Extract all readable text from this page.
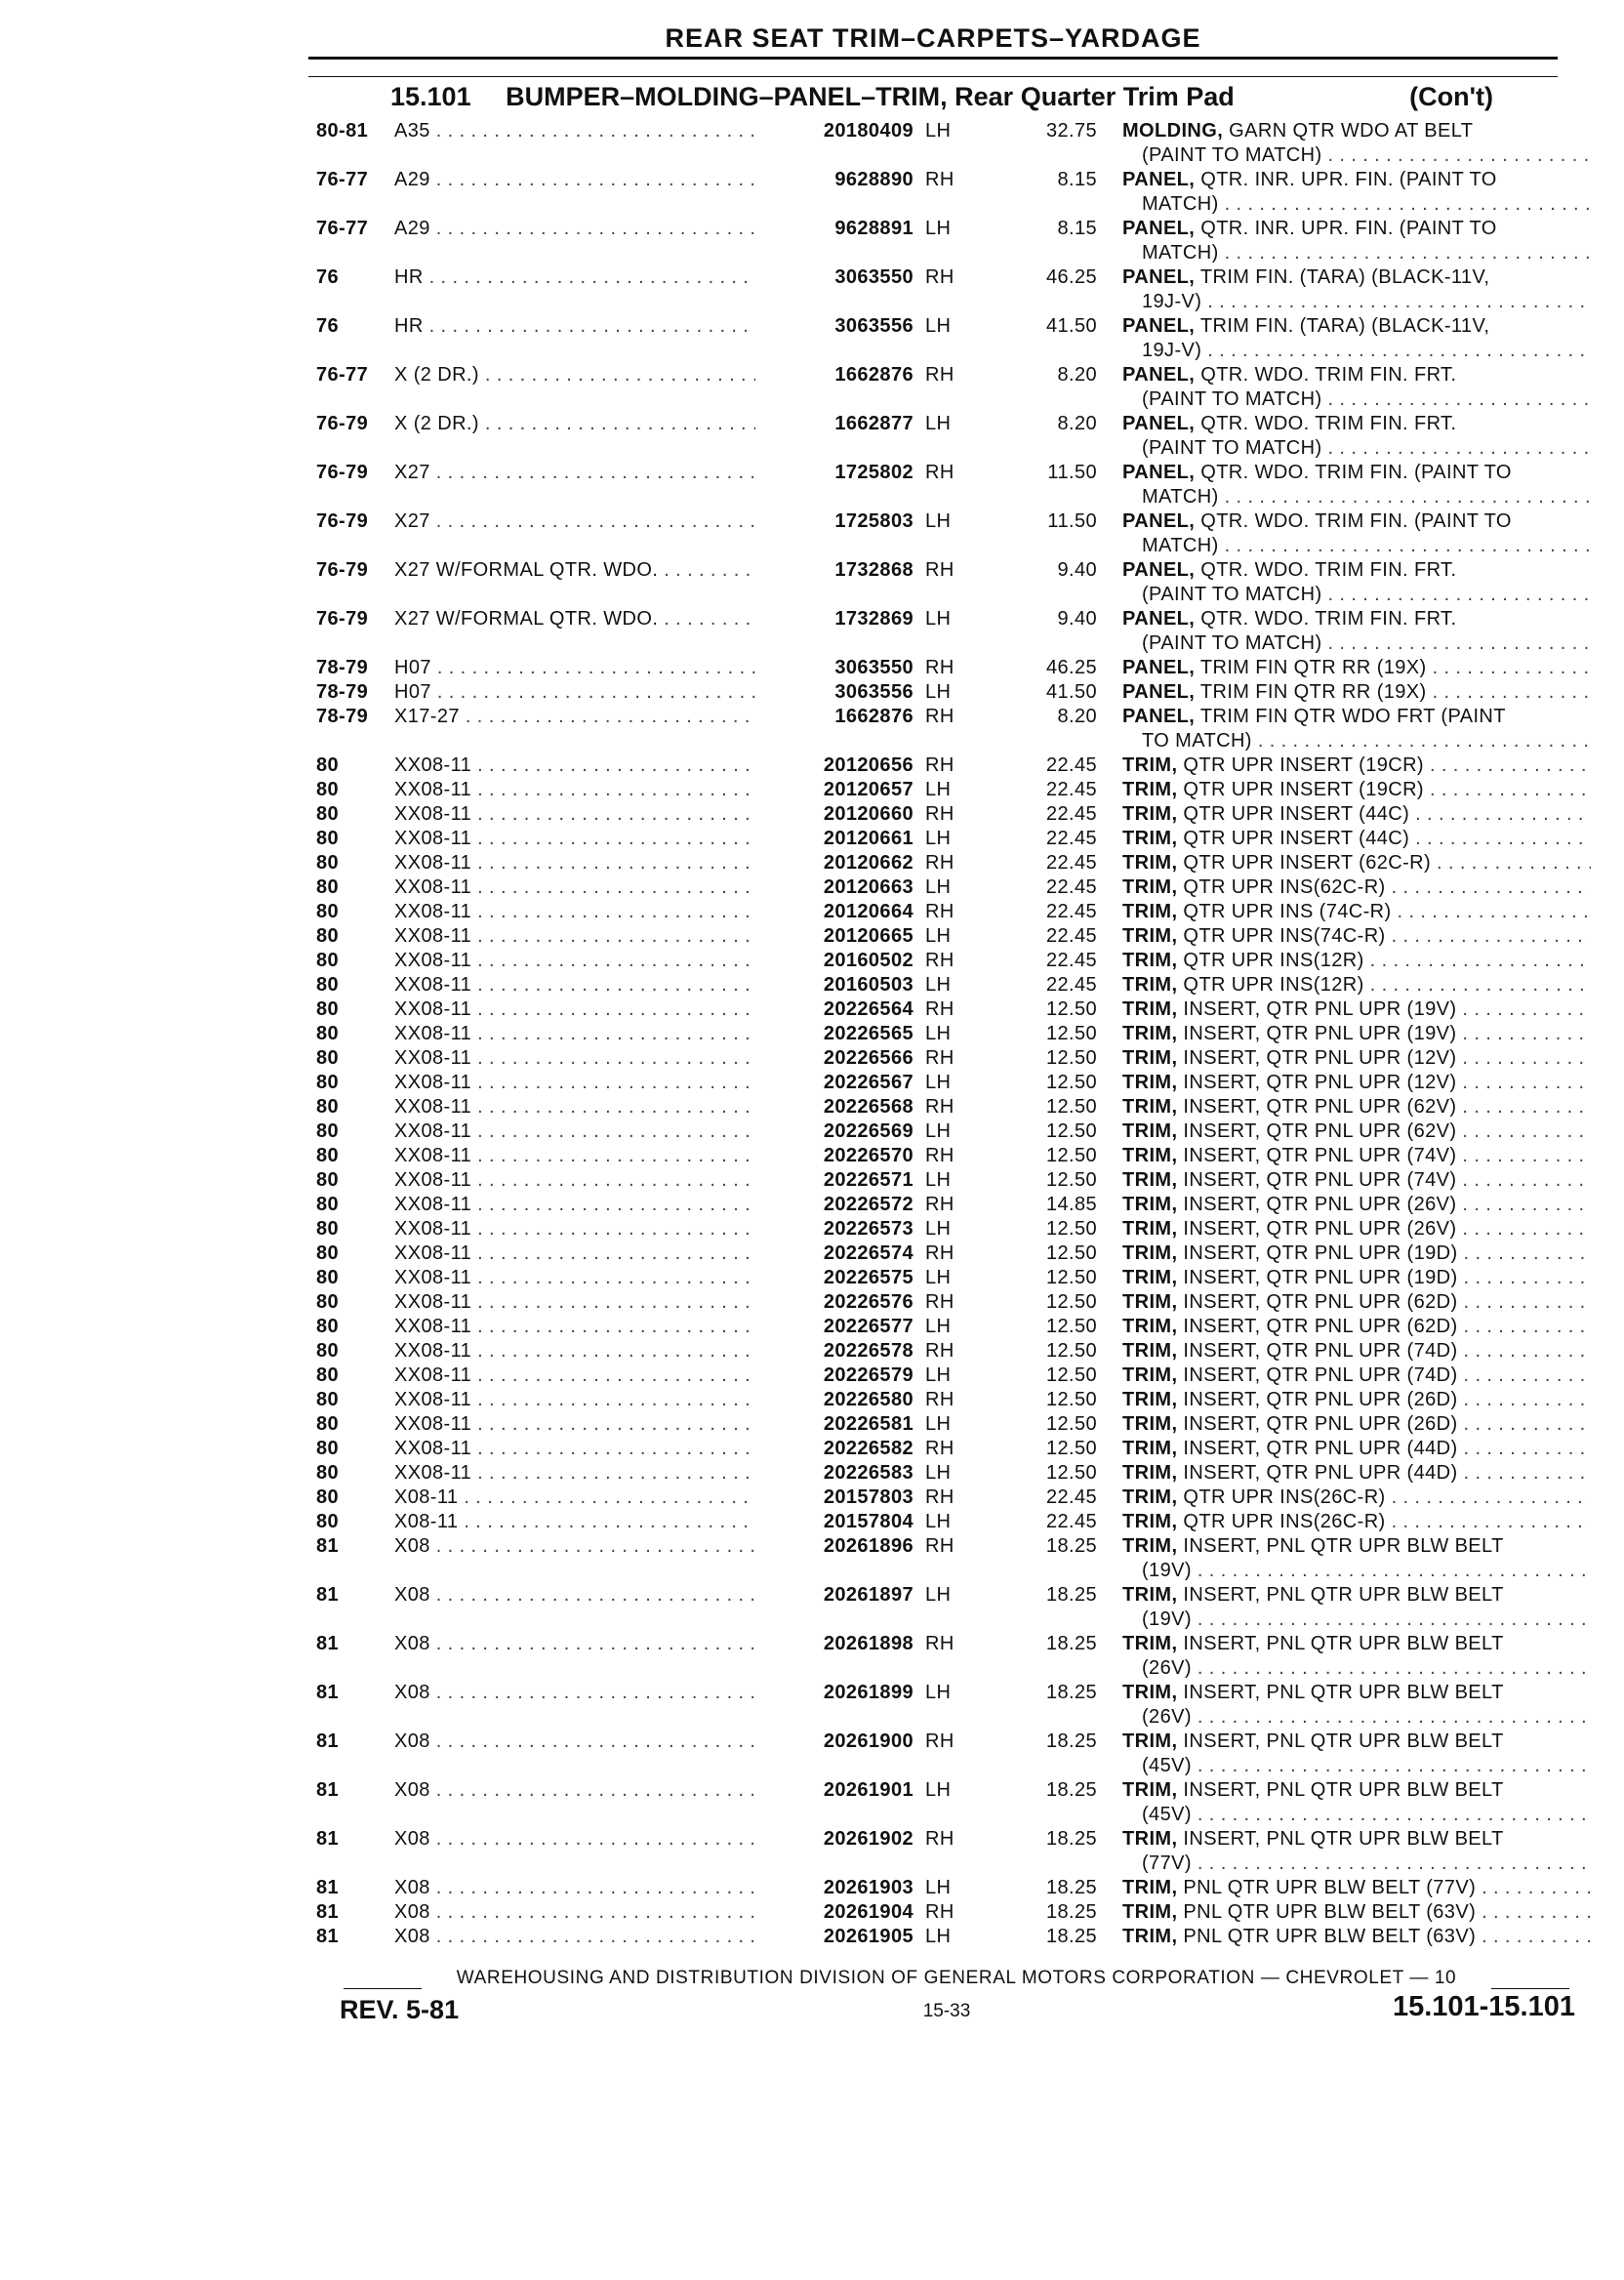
REAR SEAT TRIM–CARPETS–YARDAGE
15.101 BUMPER–MOLDING–PANEL–TRIM, Rear Quarter Trim Pad	(Con't)
80-81	A35 . . .	20180409 LH	32.75 MOLDING, GARN QTR WDO AT BELT
(PAINT TO MATCH) . . .
76-77	A29 . . .	9628890 RH	8.15 PANEL, QTR. INR. UPR. FIN. (PAINT TO
MATCH) . . .
76-77	A29 . . .	9628891 LH	8.15 PANEL, QTR. INR. UPR. FIN. (PAINT TO
MATCH) . . .
76	HR . . .	3063550 RH	46.25 PANEL, TRIM FIN. (TARA) (BLACK-11V,
19J-V) . . .
76	HR . . .	3063556 LH	41.50 PANEL, TRIM FIN. (TARA) (BLACK-11V,
19J-V) . . .
76-77	X (2 DR.) . . .	1662876 RH	8.20 PANEL, QTR. WDO. TRIM FIN. FRT.
(PAINT TO MATCH) . . .
76-79	X (2 DR.) . . .	1662877 LH	8.20 PANEL, QTR. WDO. TRIM FIN. FRT.
(PAINT TO MATCH) . . .
76-79	X27 . . .	1725802 RH	11.50 PANEL, QTR. WDO. TRIM FIN. (PAINT TO
MATCH) . . .
76-79	X27 . . .	1725803 LH	11.50 PANEL, QTR. WDO. TRIM FIN. (PAINT TO
MATCH) . . .
76-79	X27 W/FORMAL QTR. WDO. . . .	1732868 RH	9.40 PANEL, QTR. WDO. TRIM FIN. FRT.
(PAINT TO MATCH) . . .
76-79	X27 W/FORMAL QTR. WDO. . . .	1732869 LH	9.40 PANEL, QTR. WDO. TRIM FIN. FRT.
(PAINT TO MATCH) . . .
78-79	H07 . . .	3063550 RH	46.25 PANEL, TRIM FIN QTR RR (19X) . . .
78-79	H07 . . .	3063556 LH	41.50 PANEL, TRIM FIN QTR RR (19X) . . .
78-79	X17-27 . . .	1662876 RH	8.20 PANEL, TRIM FIN QTR WDO FRT (PAINT
TO MATCH) . . .
80	XX08-11 . . .	20120656 RH	22.45 TRIM, QTR UPR INSERT (19CR) . . .
80	XX08-11 . . .	20120657 LH	22.45 TRIM, QTR UPR INSERT (19CR) . . .
80	XX08-11 . . .	20120660 RH	22.45 TRIM, QTR UPR INSERT (44C) . . .
80	XX08-11 . . .	20120661 LH	22.45 TRIM, QTR UPR INSERT (44C) . . .
80	XX08-11 . . .	20120662 RH	22.45 TRIM, QTR UPR INSERT (62C-R) . . .
80	XX08-11 . . .	20120663 LH	22.45 TRIM, QTR UPR INS(62C-R) . . .
80	XX08-11 . . .	20120664 RH	22.45 TRIM, QTR UPR INS (74C-R) . . .
80	XX08-11 . . .	20120665 LH	22.45 TRIM, QTR UPR INS(74C-R) . . .
80	XX08-11 . . .	20160502 RH	22.45 TRIM, QTR UPR INS(12R) . . .
80	XX08-11 . . .	20160503 LH	22.45 TRIM, QTR UPR INS(12R) . . .
80	XX08-11 . . .	20226564 RH	12.50 TRIM, INSERT, QTR PNL UPR (19V) . . .
80	XX08-11 . . .	20226565 LH	12.50 TRIM, INSERT, QTR PNL UPR (19V) . . .
80	XX08-11 . . .	20226566 RH	12.50 TRIM, INSERT, QTR PNL UPR (12V) . . .
80	XX08-11 . . .	20226567 LH	12.50 TRIM, INSERT, QTR PNL UPR (12V) . . .
80	XX08-11 . . .	20226568 RH	12.50 TRIM, INSERT, QTR PNL UPR (62V) . . .
80	XX08-11 . . .	20226569 LH	12.50 TRIM, INSERT, QTR PNL UPR (62V) . . .
80	XX08-11 . . .	20226570 RH	12.50 TRIM, INSERT, QTR PNL UPR (74V) . . .
80	XX08-11 . . .	20226571 LH	12.50 TRIM, INSERT, QTR PNL UPR (74V) . . .
80	XX08-11 . . .	20226572 RH	14.85 TRIM, INSERT, QTR PNL UPR (26V) . . .
80	XX08-11 . . .	20226573 LH	12.50 TRIM, INSERT, QTR PNL UPR (26V) . . .
80	XX08-11 . . .	20226574 RH	12.50 TRIM, INSERT, QTR PNL UPR (19D) . . .
80	XX08-11 . . .	20226575 LH	12.50 TRIM, INSERT, QTR PNL UPR (19D) . . .
80	XX08-11 . . .	20226576 RH	12.50 TRIM, INSERT, QTR PNL UPR (62D) . . .
80	XX08-11 . . .	20226577 LH	12.50 TRIM, INSERT, QTR PNL UPR (62D) . . .
80	XX08-11 . . .	20226578 RH	12.50 TRIM, INSERT, QTR PNL UPR (74D) . . .
80	XX08-11 . . .	20226579 LH	12.50 TRIM, INSERT, QTR PNL UPR (74D) . . .
80	XX08-11 . . .	20226580 RH	12.50 TRIM, INSERT, QTR PNL UPR (26D) . . .
80	XX08-11 . . .	20226581 LH	12.50 TRIM, INSERT, QTR PNL UPR (26D) . . .
80	XX08-11 . . .	20226582 RH	12.50 TRIM, INSERT, QTR PNL UPR (44D) . . .
80	XX08-11 . . .	20226583 LH	12.50 TRIM, INSERT, QTR PNL UPR (44D) . . .
80	X08-11 . . .	20157803 RH	22.45 TRIM, QTR UPR INS(26C-R) . . .
80	X08-11 . . .	20157804 LH	22.45 TRIM, QTR UPR INS(26C-R) . . .
81	X08 . . .	20261896 RH	18.25 TRIM, INSERT, PNL QTR UPR BLW BELT
(19V) . . .
81	X08 . . .	20261897 LH	18.25 TRIM, INSERT, PNL QTR UPR BLW BELT
(19V) . . .
81	X08 . . .	20261898 RH	18.25 TRIM, INSERT, PNL QTR UPR BLW BELT
(26V) . . .
81	X08 . . .	20261899 LH	18.25 TRIM, INSERT, PNL QTR UPR BLW BELT
(26V) . . .
81	X08 . . .	20261900 RH	18.25 TRIM, INSERT, PNL QTR UPR BLW BELT
(45V) . . .
81	X08 . . .	20261901 LH	18.25 TRIM, INSERT, PNL QTR UPR BLW BELT
(45V) . . .
81	X08 . . .	20261902 RH	18.25 TRIM, INSERT, PNL QTR UPR BLW BELT
(77V) . . .
81	X08 . . .	20261903 LH	18.25 TRIM, PNL QTR UPR BLW BELT (77V) . . .
81	X08 . . .	20261904 RH	18.25 TRIM, PNL QTR UPR BLW BELT (63V) . . .
81	X08 . . .	20261905 LH	18.25 TRIM, PNL QTR UPR BLW BELT (63V) . . .
WAREHOUSING AND DISTRIBUTION DIVISION OF GENERAL MOTORS CORPORATION — CHEVROLET — 10
REV. 5-81	15-33	15.101-15.101
